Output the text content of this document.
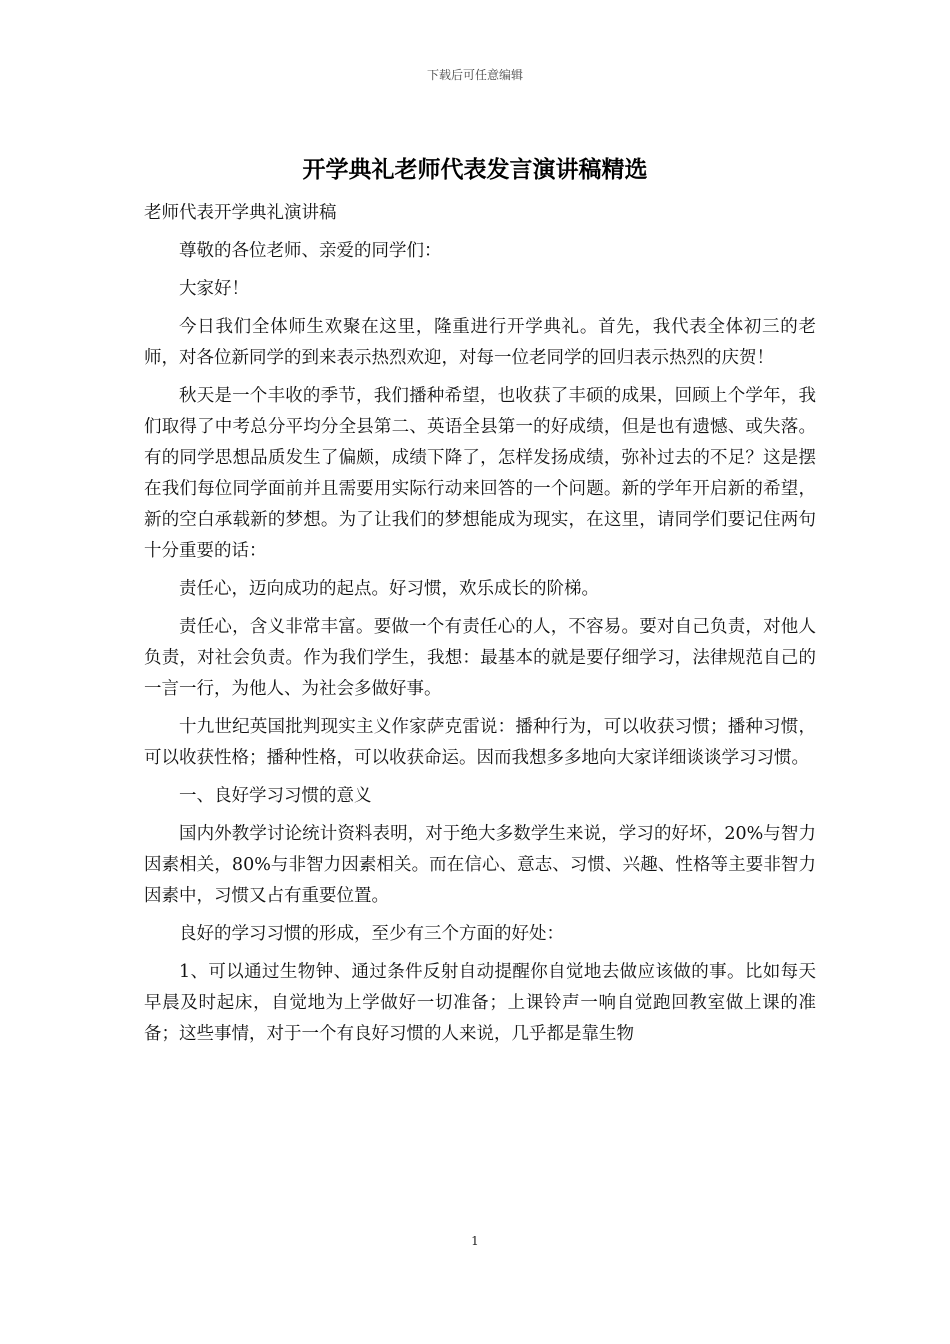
下载后可任意编辑
开学典礼老师代表发言演讲稿精选

老师代表开学典礼演讲稿

尊敬的各位老师、亲爱的同学们：

大家好！

今日我们全体师生欢聚在这里，隆重进行开学典礼。首先，我代表全体初三的老师，对各位新同学的到来表示热烈欢迎，对每一位老同学的回归表示热烈的庆贺！

秋天是一个丰收的季节，我们播种希望，也收获了丰硕的成果，回顾上个学年，我们取得了中考总分平均分全县第二、英语全县第一的好成绩，但是也有遗憾、或失落。有的同学思想品质发生了偏颇，成绩下降了，怎样发扬成绩，弥补过去的不足？这是摆在我们每位同学面前并且需要用实际行动来回答的一个问题。新的学年开启新的希望，新的空白承载新的梦想。为了让我们的梦想能成为现实，在这里，请同学们要记住两句十分重要的话：

责任心，迈向成功的起点。好习惯，欢乐成长的阶梯。

责任心，含义非常丰富。要做一个有责任心的人，不容易。要对自己负责，对他人负责，对社会负责。作为我们学生，我想：最基本的就是要仔细学习，法律规范自己的一言一行，为他人、为社会多做好事。

十九世纪英国批判现实主义作家萨克雷说：播种行为，可以收获习惯；播种习惯，可以收获性格；播种性格，可以收获命运。因而我想多多地向大家详细谈谈学习习惯。

一、良好学习习惯的意义

国内外教学讨论统计资料表明，对于绝大多数学生来说，学习的好坏，20%与智力因素相关，80%与非智力因素相关。而在信心、意志、习惯、兴趣、性格等主要非智力因素中，习惯又占有重要位置。

良好的学习习惯的形成，至少有三个方面的好处：

1、可以通过生物钟、通过条件反射自动提醒你自觉地去做应该做的事。比如每天早晨及时起床，自觉地为上学做好一切准备；上课铃声一响自觉跑回教室做上课的准备；这些事情，对于一个有良好习惯的人来说，几乎都是靠生物

1
